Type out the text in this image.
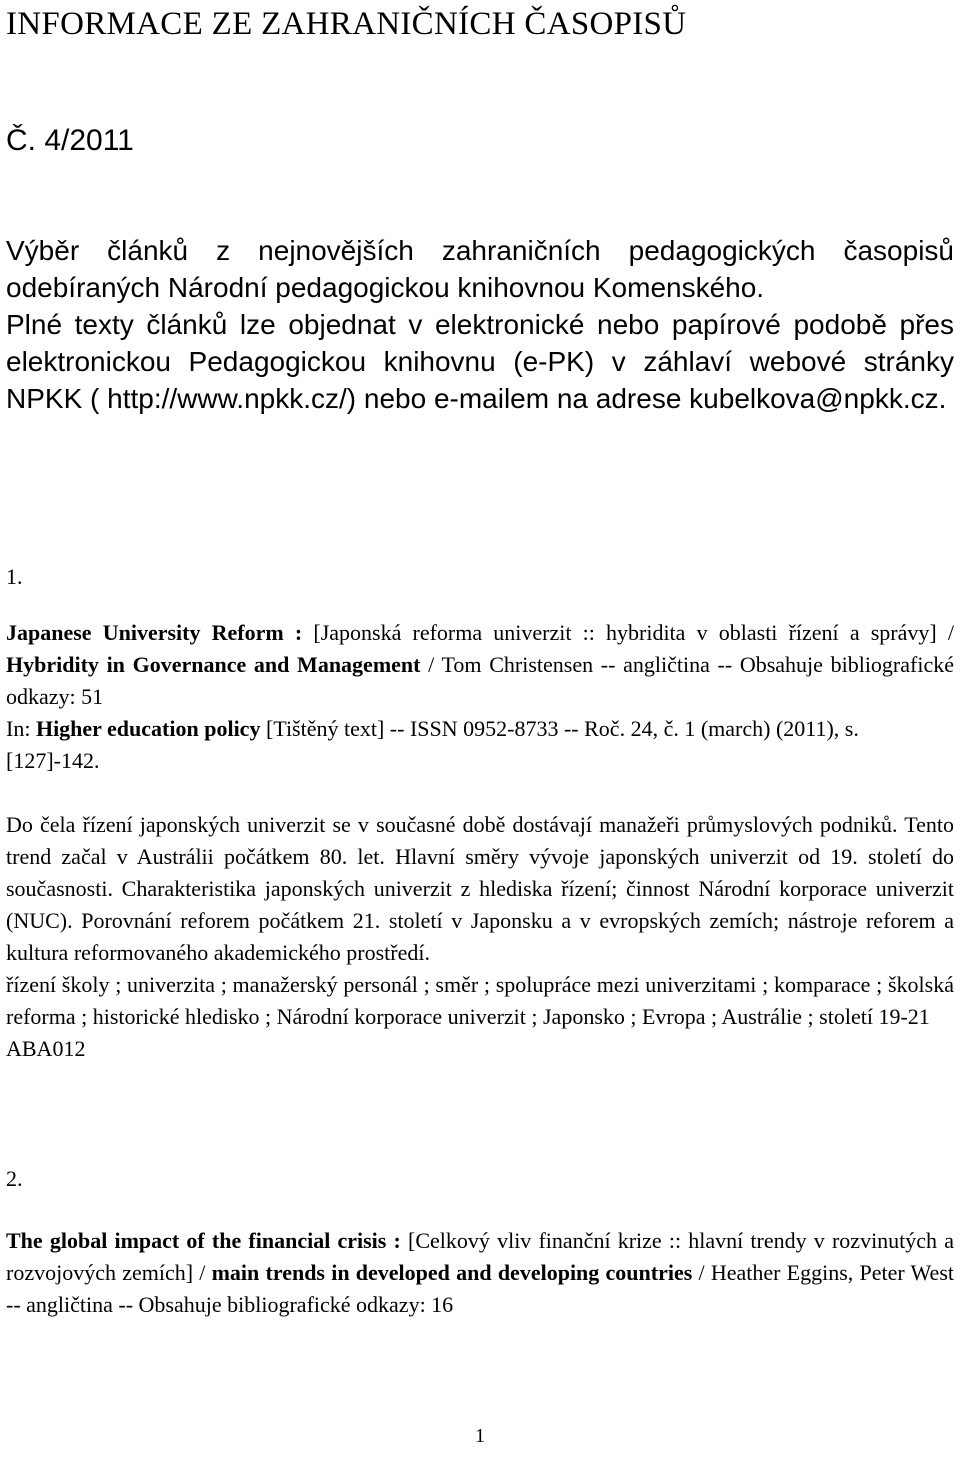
INFORMACE ZE ZAHRANIČNÍCH ČASOPISŮ
Č. 4/2011

Výběr článků z nejnovějších zahraničních pedagogických časopisů odebíraných Národní pedagogickou knihovnou Komenského.

Plné texty článků lze objednat v elektronické nebo papírové podobě přes elektronickou Pedagogickou knihovnu (e-PK) v záhlaví webové stránky NPKK ( http://www.npkk.cz/) nebo e-mailem na adrese kubelkova@npkk.cz.

1.

Japanese University Reform : [Japonská reforma univerzit :: hybridita v oblasti řízení a správy] / Hybridity in Governance and Management / Tom Christensen -- angličtina -- Obsahuje bibliografické odkazy: 51

In: Higher education policy [Tištěný text] -- ISSN 0952-8733 -- Roč. 24, č. 1 (march) (2011), s. [127]-142.

Do čela řízení japonských univerzit se v současné době dostávají manažeři průmyslových podniků. Tento trend začal v Austrálii počátkem 80. let. Hlavní směry vývoje japonských univerzit od 19. století do současnosti. Charakteristika japonských univerzit z hlediska řízení; činnost Národní korporace univerzit (NUC). Porovnání reforem počátkem 21. století v Japonsku a v evropských zemích; nástroje reforem a kultura reformovaného akademického prostředí.

řízení školy ; univerzita ; manažerský personál ; směr ; spolupráce mezi univerzitami ; komparace ; školská reforma ; historické hledisko ; Národní korporace univerzit ; Japonsko ; Evropa ; Austrálie ; století 19-21

ABA012

2.

The global impact of the financial crisis : [Celkový vliv finanční krize :: hlavní trendy v rozvinutých a rozvojových zemích] / main trends in developed and developing countries / Heather Eggins, Peter West -- angličtina -- Obsahuje bibliografické odkazy: 16

1
